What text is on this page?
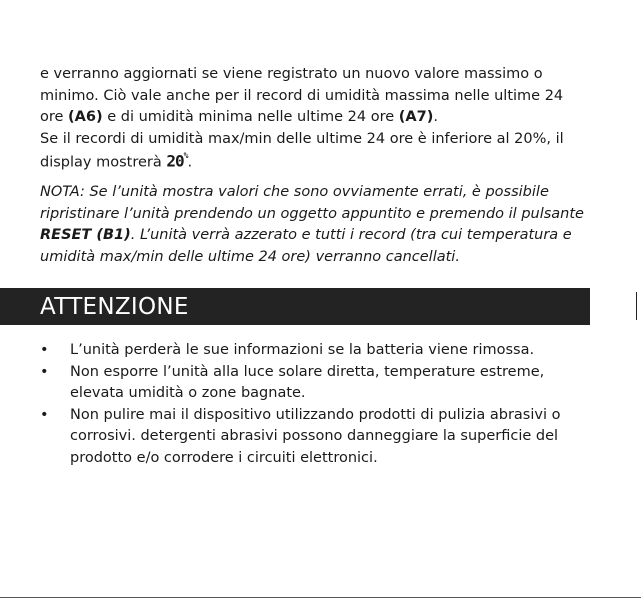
e verranno aggiornati se viene registrato un nuovo valore massimo o minimo. Ciò vale anche per il record di umidità massima nelle ultime 24 ore (A6) e di umidità minima nelle ultime 24 ore (A7).
Se il recordi di umidità max/min delle ultime 24 ore è inferiore al 20%, il display mostrerà 20%.

NOTA: Se l’unità mostra valori che sono ovviamente errati, è possibile ripristinare l’unità prendendo un oggetto appuntito e premendo il pulsante RESET (B1). L’unità verrà azzerato e tutti i record (tra cui temperatura e umidità max/min delle ultime 24 ore) verranno cancellati.

ATTENZIONE
• L’unità perderà le sue informazioni se la batteria viene rimossa.
• Non esporre l’unità alla luce solare diretta, temperature estreme, elevata umidità o zone bagnate.
• Non pulire mai il dispositivo utilizzando prodotti di pulizia abrasivi o corrosivi. detergenti abrasivi possono danneggiare la superficie del prodotto e/o corrodere i circuiti elettronici.
